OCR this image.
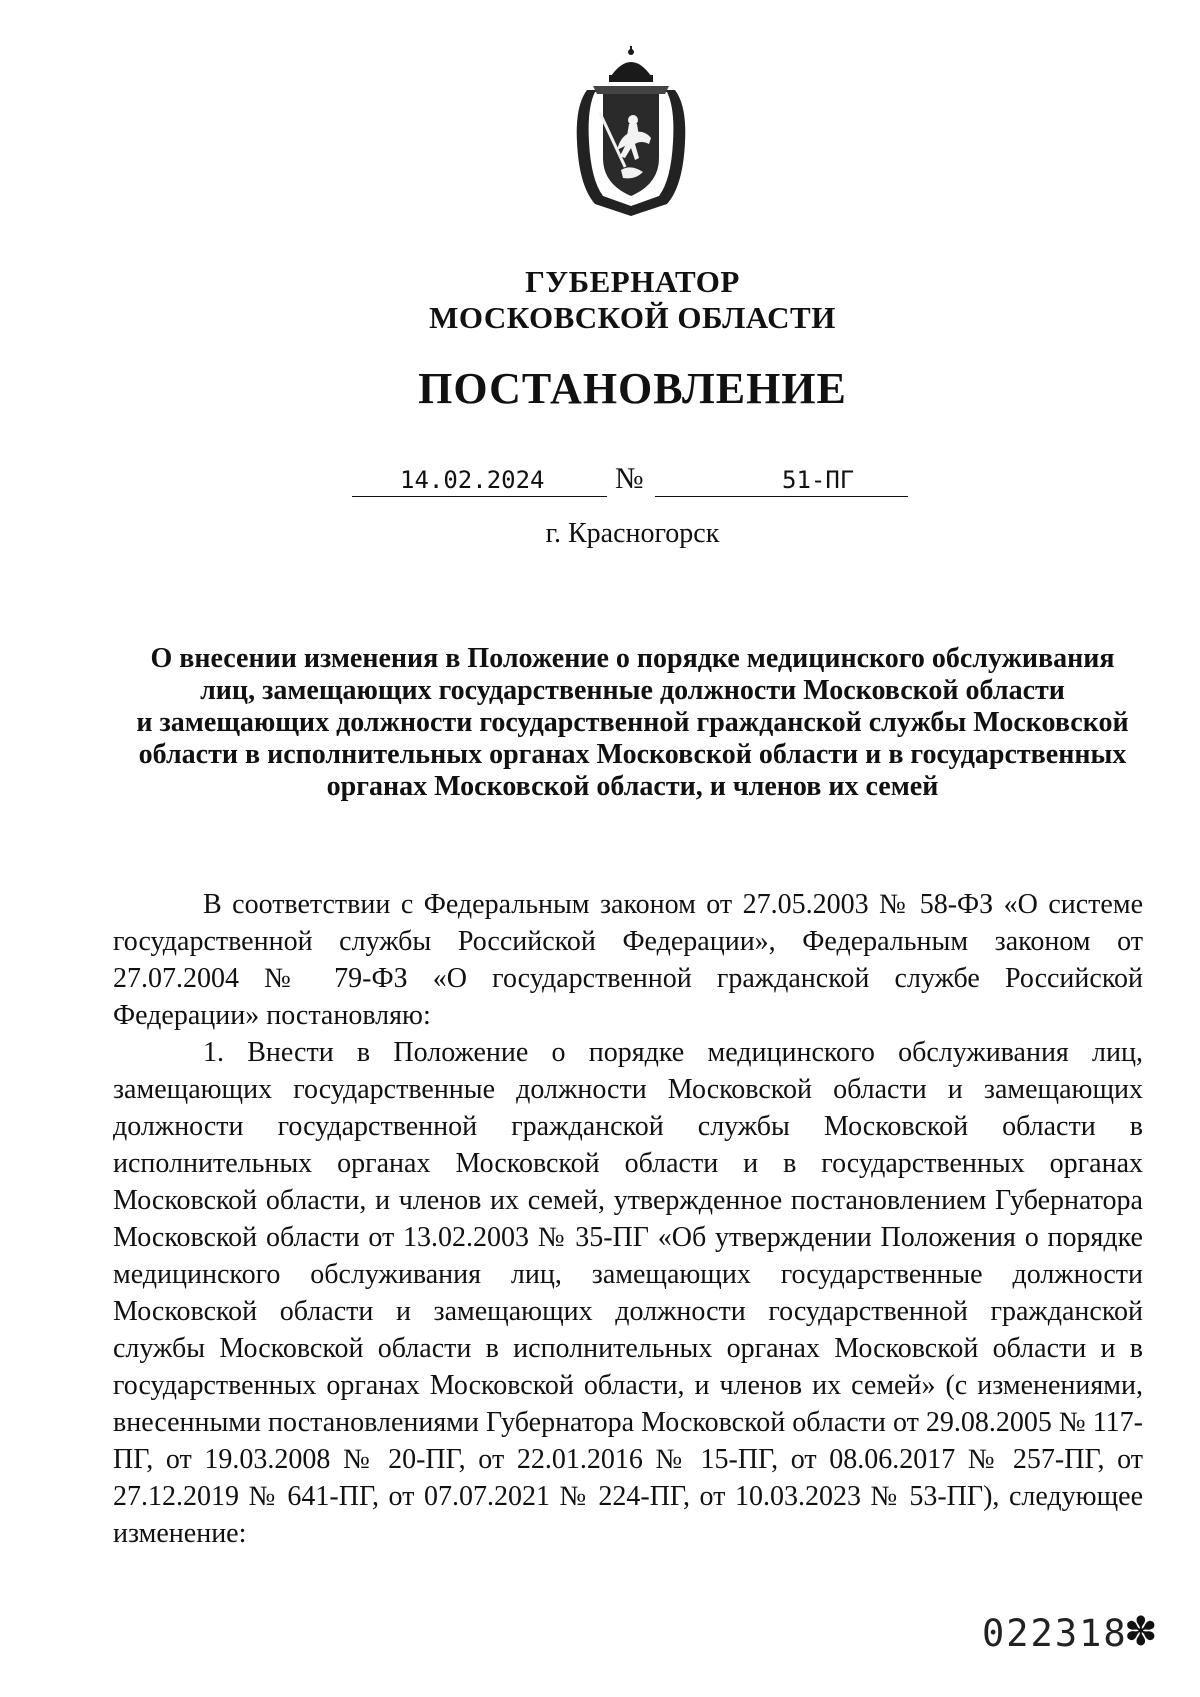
ГУБЕРНАТОР
МОСКОВСКОЙ ОБЛАСТИ
ПОСТАНОВЛЕНИЕ
14.02.2024 №	51-ПГ
г. Красногорск
О внесении изменения в Положение о порядке медицинского обслуживания
лиц, замещающих государственные должности Московской области
и замещающих должности государственной гражданской службы Московской
области в исполнительных органах Московской области и в государственных
органах Московской области, и членов их семей

В соответствии с Федеральным законом от 27.05.2003 № 58-ФЗ «О системе государственной службы Российской Федерации», Федеральным законом от 27.07.2004 № 79-ФЗ «О государственной гражданской службе Российской Федерации» постановляю:

1. Внести в Положение о порядке медицинского обслуживания лиц, замещающих государственные должности Московской области и замещающих должности государственной гражданской службы Московской области в исполнительных органах Московской области и в государственных органах Московской области, и членов их семей, утвержденное постановлением Губернатора Московской области от 13.02.2003 № 35-ПГ «Об утверждении Положения о порядке медицинского обслуживания лиц, замещающих государственные должности Московской области и замещающих должности государственной гражданской службы Московской области в исполнительных органах Московской области и в государственных органах Московской области, и членов их семей» (с изменениями, внесенными постановлениями Губернатора Московской области от 29.08.2005 № 117-ПГ, от 19.03.2008 № 20-ПГ, от 22.01.2016 № 15-ПГ, от 08.06.2017 № 257-ПГ, от 27.12.2019 № 641-ПГ, от 07.07.2021 № 224-ПГ, от 10.03.2023 № 53-ПГ), следующее изменение:

022318
✽
